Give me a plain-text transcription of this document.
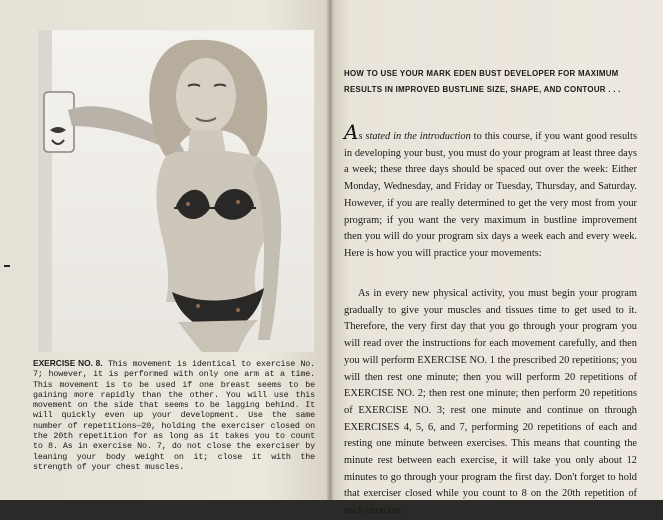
EXERCISE NO. 8. This movement is identical to exercise No. 7; however, it is performed with only one arm at a time. This movement is to be used if one breast seems to be gaining more rapidly than the other. You will use this movement on the side that seems to be lagging behind. It will quickly even up your development. Use the same number of repetitions—20, holding the exerciser closed on the 20th repetition for as long as it takes you to count to 8. As in exercise No. 7, do not close the exerciser by leaning your body weight on it; close it with the strength of your chest muscles.
HOW TO USE YOUR MARK EDEN BUST DEVELOPER FOR MAXIMUM RESULTS IN IMPROVED BUSTLINE SIZE, SHAPE, AND CONTOUR . . .
As stated in the introduction to this course, if you want good results in developing your bust, you must do your program at least three days a week; these three days should be spaced out over the week: Either Monday, Wednesday, and Friday or Tuesday, Thursday, and Saturday. However, if you are really determined to get the very most from your program; if you want the very maximum in bustline improvement then you will do your program six days a week each and every week. Here is how you will practice your movements:
As in every new physical activity, you must begin your program gradually to give your muscles and tissues time to get used to it. Therefore, the very first day that you go through your program you will read over the instructions for each movement carefully, and then you will perform EXERCISE NO. 1 the prescribed 20 repetitions; you will then rest one minute; then you will perform 20 repetitions of EXERCISE NO. 2; then rest one minute; then perform 20 repetitions of EXERCISE NO. 3; rest one minute and continue on through EXERCISES 4, 5, 6, and 7, performing 20 repetitions of each and resting one minute between exercises. This means that counting the minute rest between each exercise, it will take you only about 12 minutes to go through your program the first day. Don't forget to hold that exerciser closed while you count to 8 on the 20th repetition of each exercise.
